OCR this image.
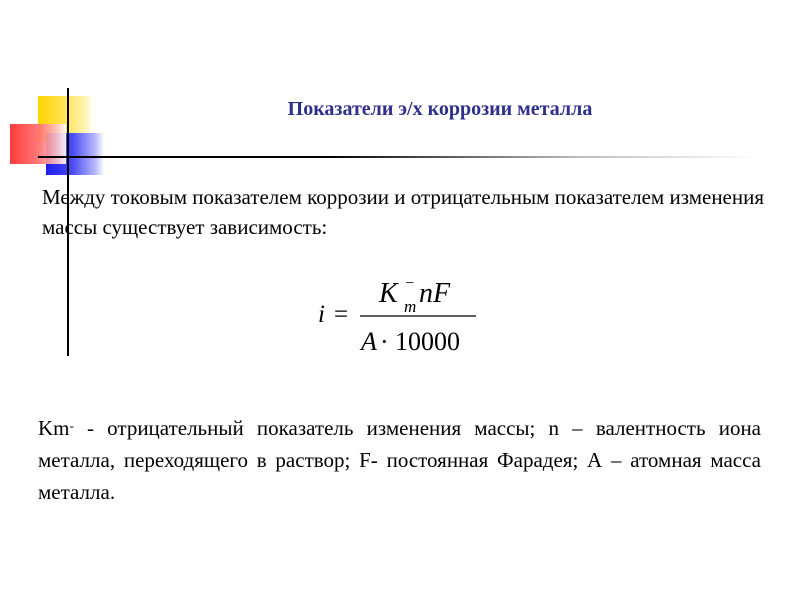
Показатели э/х коррозии металла
Между токовым показателем коррозии и отрицательным показателем изменения массы существует зависимость:
i =
K −
m nF
A · 10000
Km- - отрицательный показатель изменения массы; n – валентность иона металла, переходящего в раствор; F- постоянная Фарадея; А – атомная масса металла.
